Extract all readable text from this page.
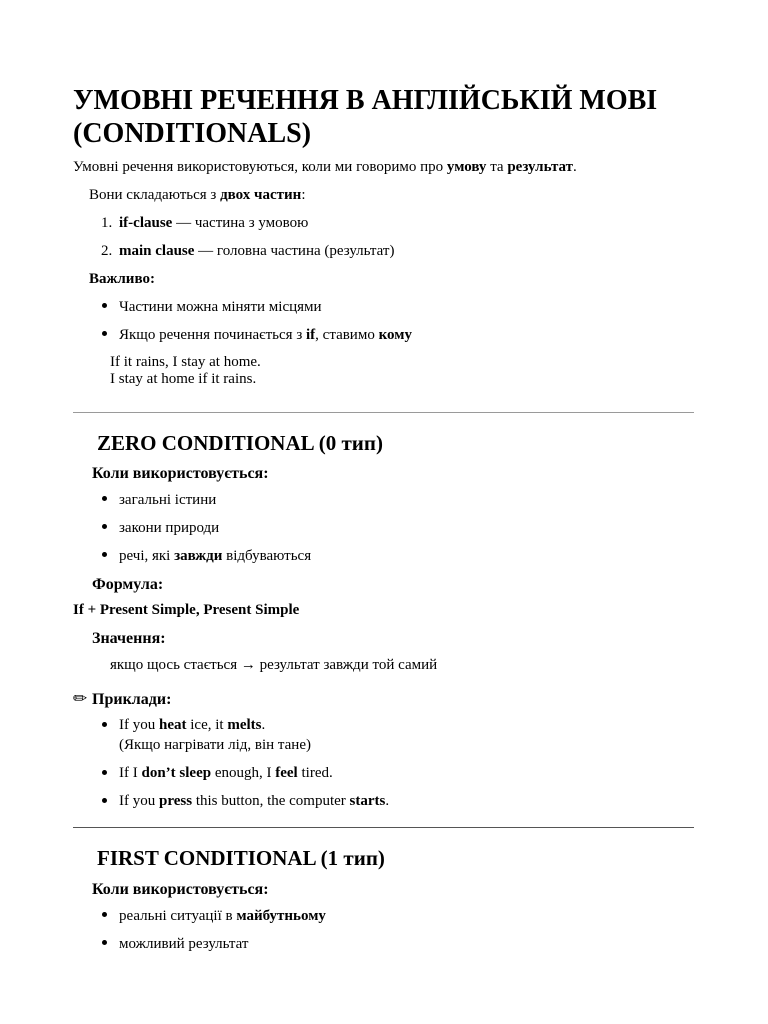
УМОВНІ РЕЧЕННЯ В АНГЛІЙСЬКІЙ МОВІ (CONDITIONALS)
Умовні речення використовуються, коли ми говоримо про умову та результат.
Вони складаються з двох частин:
1. if-clause — частина з умовою
2. main clause — головна частина (результат)
Важливо:
Частини можна міняти місцями
Якщо речення починається з if, ставимо кому
If it rains, I stay at home.
I stay at home if it rains.
ZERO CONDITIONAL (0 тип)
Коли використовується:
загальні істини
закони природи
речі, які завжди відбуваються
Формула:
If + Present Simple, Present Simple
Значення:
якщо щось стається → результат завжди той самий
✏ Приклади:
If you heat ice, it melts.
(Якщо нагрівати лід, він тане)
If I don’t sleep enough, I feel tired.
If you press this button, the computer starts.
FIRST CONDITIONAL (1 тип)
Коли використовується:
реальні ситуації в майбутньому
можливий результат
